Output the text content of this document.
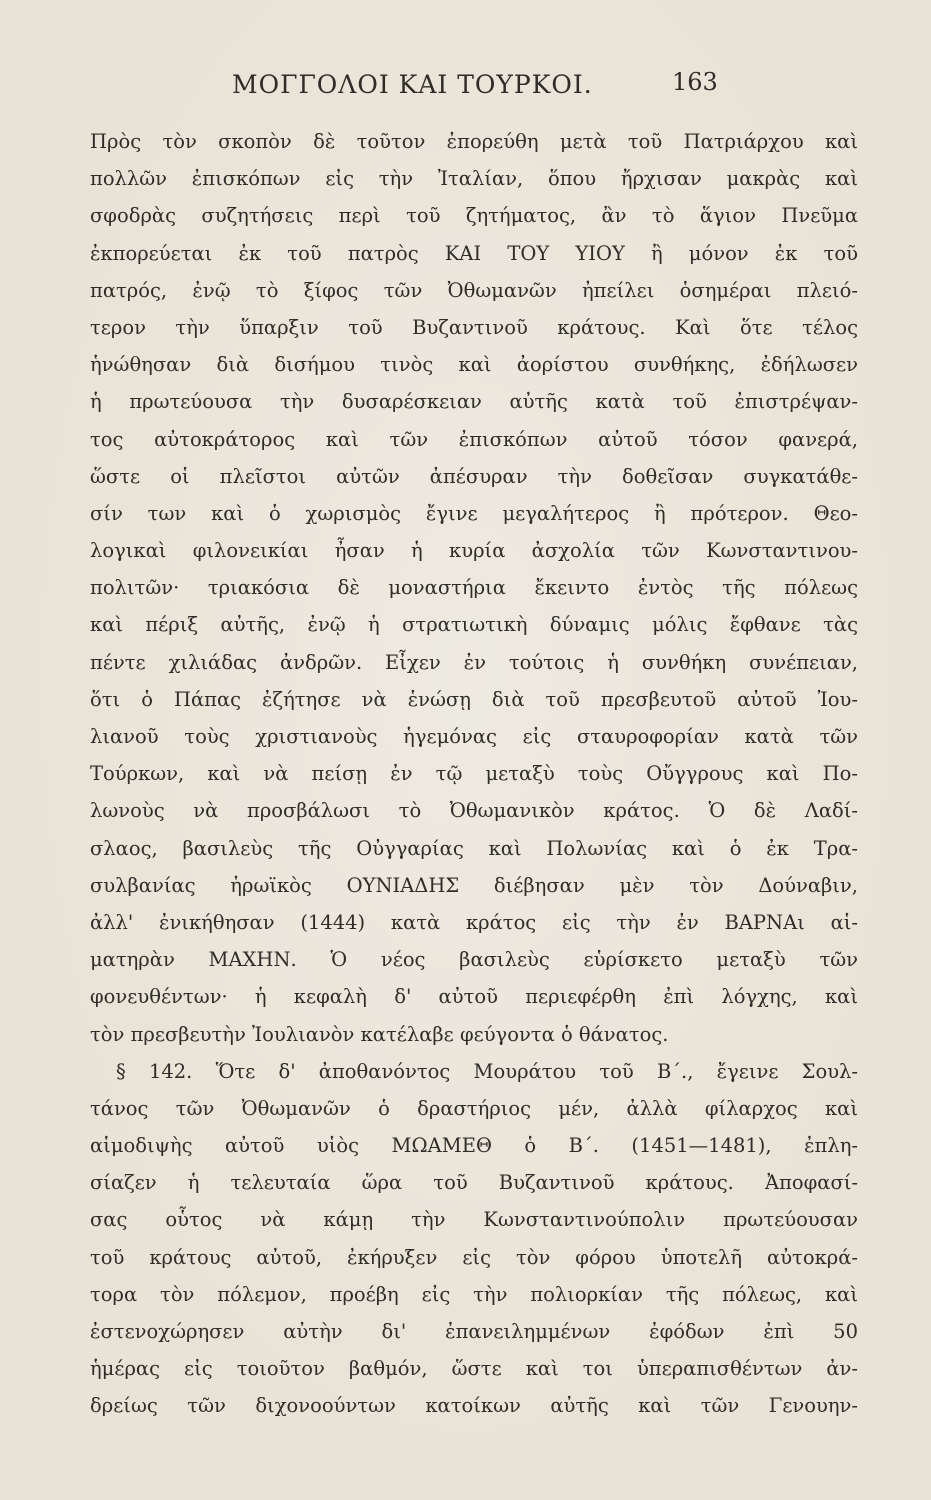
ΜΟΓΓΟΛΟΙ ΚΑΙ ΤΟΥΡΚΟΙ.	163
Πρὸς τὸν σκοπὸν δὲ τοῦτον ἐπορεύθη μετὰ τοῦ Πατριάρχου καὶ
πολλῶν ἐπισκόπων εἰς τὴν Ἰταλίαν, ὅπου ἤρχισαν μακρὰς καὶ
σφοδρὰς συζητήσεις περὶ τοῦ ζητήματος, ἂν τὸ ἅγιον Πνεῦμα
ἐκπορεύεται ἐκ τοῦ πατρὸς ΚΑΙ ΤΟΥ ΥΙΟΥ ἢ μόνον ἐκ τοῦ
πατρός, ἐνῷ τὸ ξίφος τῶν Ὀθωμανῶν ἠπείλει ὁσημέραι πλειό-
τερον τὴν ὕπαρξιν τοῦ Βυζαντινοῦ κράτους. Καὶ ὅτε τέλος
ἡνώθησαν διὰ δισήμου τινὸς καὶ ἀορίστου συνθήκης, ἐδήλωσεν
ἡ πρωτεύουσα τὴν δυσαρέσκειαν αὐτῆς κατὰ τοῦ ἐπιστρέψαν-
τος αὐτοκράτορος καὶ τῶν ἐπισκόπων αὐτοῦ τόσον φανερά,
ὥστε οἱ πλεῖστοι αὐτῶν ἀπέσυραν τὴν δοθεῖσαν συγκατάθε-
σίν των καὶ ὁ χωρισμὸς ἔγινε μεγαλήτερος ἢ πρότερον. Θεο-
λογικαὶ φιλονεικίαι ἦσαν ἡ κυρία ἀσχολία τῶν Κωνσταντινου-
πολιτῶν· τριακόσια δὲ μοναστήρια ἔκειντο ἐντὸς τῆς πόλεως
καὶ πέριξ αὐτῆς, ἐνῷ ἡ στρατιωτικὴ δύναμις μόλις ἔφθανε τὰς
πέντε χιλιάδας ἀνδρῶν. Εἶχεν ἐν τούτοις ἡ συνθήκη συνέπειαν,
ὅτι ὁ Πάπας ἐζήτησε νὰ ἑνώσῃ διὰ τοῦ πρεσβευτοῦ αὐτοῦ Ἰου-
λιανοῦ τοὺς χριστιανοὺς ἡγεμόνας εἰς σταυροφορίαν κατὰ τῶν
Τούρκων, καὶ νὰ πείσῃ ἐν τῷ μεταξὺ τοὺς Οὔγγρους καὶ Πο-
λωνοὺς νὰ προσβάλωσι τὸ Ὀθωμανικὸν κράτος. Ὁ δὲ Λαδί-
σλαος, βασιλεὺς τῆς Οὐγγαρίας καὶ Πολωνίας καὶ ὁ ἐκ Τρα-
συλβανίας ἡρωϊκὸς ΟΥΝΙΑΔΗΣ διέβησαν μὲν τὸν Δούναβιν,
ἀλλ' ἐνικήθησαν (1444) κατὰ κράτος εἰς τὴν ἐν ΒΑΡΝΑι αἱ-
ματηρὰν ΜΑΧΗΝ. Ὁ νέος βασιλεὺς εὑρίσκετο μεταξὺ τῶν
φονευθέντων· ἡ κεφαλὴ δ' αὐτοῦ περιεφέρθη ἐπὶ λόγχης, καὶ
τὸν πρεσβευτὴν Ἰουλιανὸν κατέλαβε φεύγοντα ὁ θάνατος.
§ 142. Ὅτε δ' ἀποθανόντος Μουράτου τοῦ Β΄., ἔγεινε Σουλ-
τάνος τῶν Ὀθωμανῶν ὁ δραστήριος μέν, ἀλλὰ φίλαρχος καὶ
αἱμοδιψὴς αὐτοῦ υἱὸς ΜΩΑΜΕΘ ὁ Β΄. (1451—1481), ἐπλη-
σίαζεν ἡ τελευταία ὥρα τοῦ Βυζαντινοῦ κράτους. Ἀποφασί-
σας οὗτος νὰ κάμῃ τὴν Κωνσταντινούπολιν πρωτεύουσαν
τοῦ κράτους αὐτοῦ, ἐκήρυξεν εἰς τὸν φόρου ὑποτελῆ αὐτοκρά-
τορα τὸν πόλεμον, προέβη εἰς τὴν πολιορκίαν τῆς πόλεως, καὶ
ἐστενοχώρησεν αὐτὴν δι' ἐπανειλημμένων ἐφόδων ἐπὶ 50
ἡμέρας εἰς τοιοῦτον βαθμόν, ὥστε καὶ τοι ὑπεραπισθέντων ἀν-
δρείως τῶν διχονοούντων κατοίκων αὐτῆς καὶ τῶν Γενουην-
